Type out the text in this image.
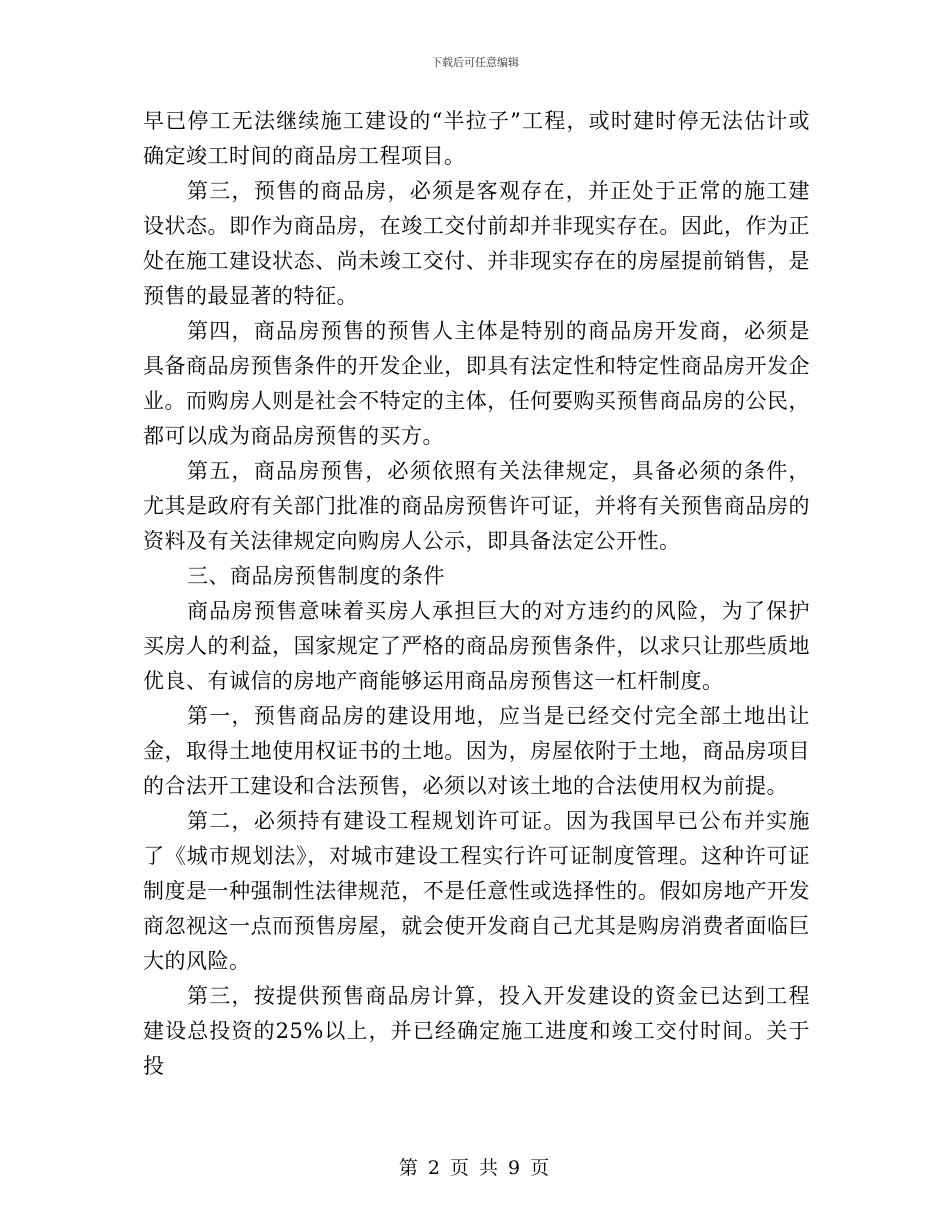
下载后可任意编辑

早已停工无法继续施工建设的“半拉子”工程，或时建时停无法估计或确定竣工时间的商品房工程项目。

第三，预售的商品房，必须是客观存在，并正处于正常的施工建设状态。即作为商品房，在竣工交付前却并非现实存在。因此，作为正处在施工建设状态、尚未竣工交付、并非现实存在的房屋提前销售，是预售的最显著的特征。

第四，商品房预售的预售人主体是特别的商品房开发商，必须是具备商品房预售条件的开发企业，即具有法定性和特定性商品房开发企业。而购房人则是社会不特定的主体，任何要购买预售商品房的公民，都可以成为商品房预售的买方。

第五，商品房预售，必须依照有关法律规定，具备必须的条件，尤其是政府有关部门批准的商品房预售许可证，并将有关预售商品房的资料及有关法律规定向购房人公示，即具备法定公开性。

三、商品房预售制度的条件

商品房预售意味着买房人承担巨大的对方违约的风险，为了保护买房人的利益，国家规定了严格的商品房预售条件，以求只让那些质地优良、有诚信的房地产商能够运用商品房预售这一杠杆制度。

第一，预售商品房的建设用地，应当是已经交付完全部土地出让金，取得土地使用权证书的土地。因为，房屋依附于土地，商品房项目的合法开工建设和合法预售，必须以对该土地的合法使用权为前提。

第二，必须持有建设工程规划许可证。因为我国早已公布并实施了《城市规划法》，对城市建设工程实行许可证制度管理。这种许可证制度是一种强制性法律规范，不是任意性或选择性的。假如房地产开发商忽视这一点而预售房屋，就会使开发商自己尤其是购房消费者面临巨大的风险。

第三，按提供预售商品房计算，投入开发建设的资金已达到工程建设总投资的25%以上，并已经确定施工进度和竣工交付时间。关于投

第 2 页 共 9 页
